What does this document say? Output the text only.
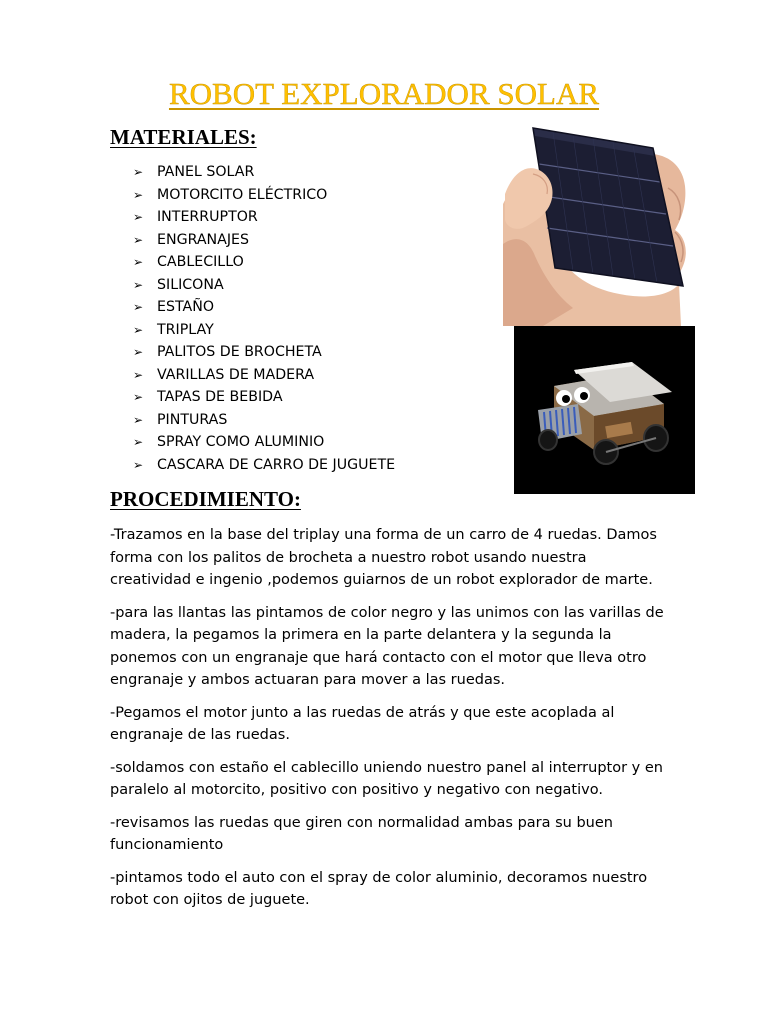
ROBOT EXPLORADOR SOLAR
MATERIALES:
➢ PANEL SOLAR
➢ MOTORCITO ELÉCTRICO
➢ INTERRUPTOR
➢ ENGRANAJES
➢ CABLECILLO
➢ SILICONA
➢ ESTAÑO
➢ TRIPLAY
➢ PALITOS DE BROCHETA
➢ VARILLAS DE MADERA
➢ TAPAS DE BEBIDA
➢ PINTURAS
➢ SPRAY COMO ALUMINIO
➢ CASCARA DE CARRO DE JUGUETE
PROCEDIMIENTO:

-Trazamos en la base del triplay una forma de un carro de 4 ruedas. Damos forma con los palitos de brocheta a nuestro robot usando nuestra creatividad e ingenio ,podemos guiarnos de un robot explorador de marte.

-para las llantas las pintamos de color negro y las unimos con las varillas de madera, la pegamos la primera en la parte delantera y la segunda la ponemos con un engranaje que hará contacto con el motor que lleva otro engranaje y ambos actuaran para mover a las ruedas.

-Pegamos el motor junto a las ruedas de atrás y que este acoplada al engranaje de las ruedas.

-soldamos con estaño el cablecillo uniendo nuestro panel al interruptor y en paralelo al motorcito, positivo con positivo y negativo con negativo.

-revisamos las ruedas que giren con normalidad ambas para su buen funcionamiento

-pintamos todo el auto con el spray de color aluminio, decoramos nuestro robot con ojitos de juguete.
